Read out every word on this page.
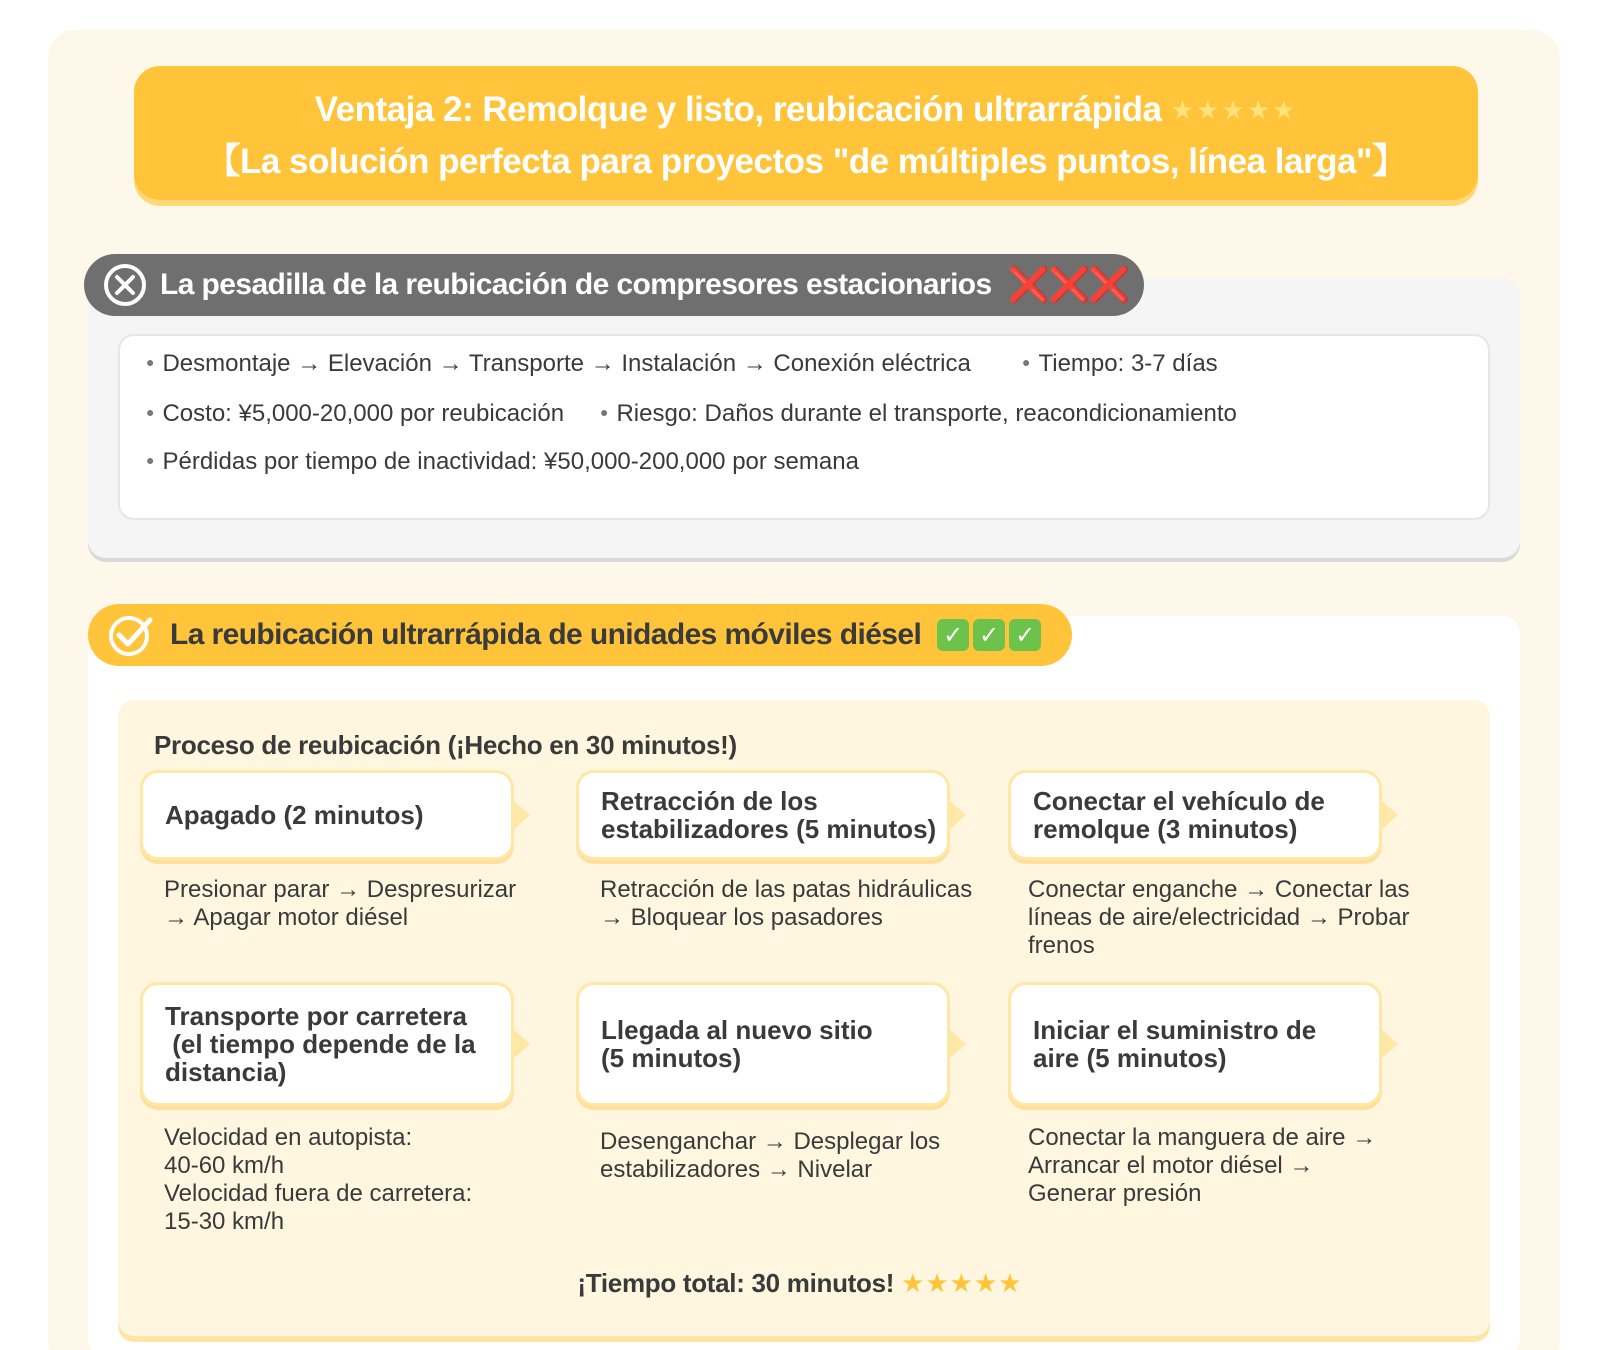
Ventaja 2: Remolque y listo, reubicación ultrarrápida ★★★★★
【La solución perfecta para proyectos "de múltiples puntos, línea larga"】
La pesadilla de la reubicación de compresores estacionarios ❌❌❌
● Desmontaje → Elevación → Transporte → Instalación → Conexión eléctrica	● Tiempo: 3-7 días
● Costo: ¥5,000-20,000 por reubicación	● Riesgo: Daños durante el transporte, reacondicionamiento
● Pérdidas por tiempo de inactividad: ¥50,000-200,000 por semana
La reubicación ultrarrápida de unidades móviles diésel ✓ ✓ ✓
Proceso de reubicación (¡Hecho en 30 minutos!)
Apagado (2 minutos)
Presionar parar → Despresurizar
→ Apagar motor diésel
Retracción de los
estabilizadores (5 minutos)
Retracción de las patas hidráulicas
→ Bloquear los pasadores
Conectar el vehículo de
remolque (3 minutos)
Conectar enganche → Conectar las
líneas de aire/electricidad → Probar
frenos
Transporte por carretera
(el tiempo depende de la
distancia)
Velocidad en autopista:
40-60 km/h
Velocidad fuera de carretera:
15-30 km/h
Llegada al nuevo sitio
(5 minutos)
Desenganchar → Desplegar los
estabilizadores → Nivelar
Iniciar el suministro de
aire (5 minutos)
Conectar la manguera de aire →
Arrancar el motor diésel →
Generar presión
¡Tiempo total: 30 minutos! ★★★★★
